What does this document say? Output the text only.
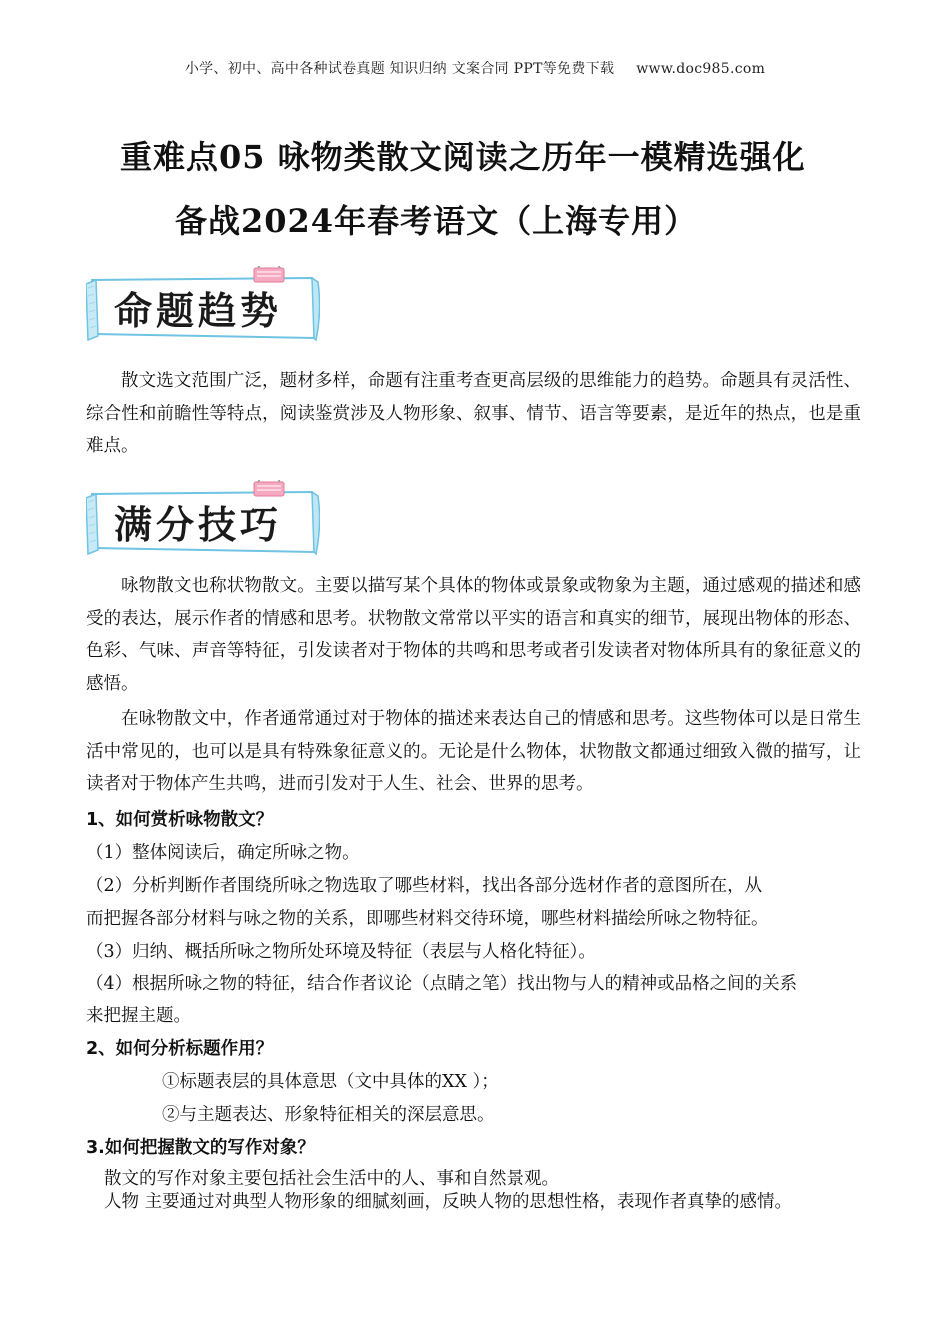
小学、初中、高中各种试卷真题 知识归纳 文案合同 PPT等免费下载 www.doc985.com
重难点05 咏物类散文阅读之历年一模精选强化
备战2024年春考语文（上海专用）
命题趋势
散文选文范围广泛，题材多样，命题有注重考查更高层级的思维能力的趋势。命题具有灵活性、综合性和前瞻性等特点，阅读鉴赏涉及人物形象、叙事、情节、语言等要素，是近年的热点，也是重难点。
满分技巧
咏物散文也称状物散文。主要以描写某个具体的物体或景象或物象为主题，通过感观的描述和感受的表达，展示作者的情感和思考。状物散文常常以平实的语言和真实的细节，展现出物体的形态、色彩、气味、声音等特征，引发读者对于物体的共鸣和思考或者引发读者对物体所具有的象征意义的感悟。
在咏物散文中，作者通常通过对于物体的描述来表达自己的情感和思考。这些物体可以是日常生活中常见的，也可以是具有特殊象征意义的。无论是什么物体，状物散文都通过细致入微的描写，让读者对于物体产生共鸣，进而引发对于人生、社会、世界的思考。
1、如何赏析咏物散文？
（1）整体阅读后，确定所咏之物。
（2）分析判断作者围绕所咏之物选取了哪些材料，找出各部分选材作者的意图所在，从
而把握各部分材料与咏之物的关系，即哪些材料交待环境，哪些材料描绘所咏之物特征。
（3）归纳、概括所咏之物所处环境及特征（表层与人格化特征）。
（4）根据所咏之物的特征，结合作者议论（点睛之笔）找出物与人的精神或品格之间的关系
来把握主题。
2、如何分析标题作用？
①标题表层的具体意思（文中具体的XX ）；
②与主题表达、形象特征相关的深层意思。
3.如何把握散文的写作对象？
散文的写作对象主要包括社会生活中的人、事和自然景观。
人物 主要通过对典型人物形象的细腻刻画，反映人物的思想性格，表现作者真挚的感情。
